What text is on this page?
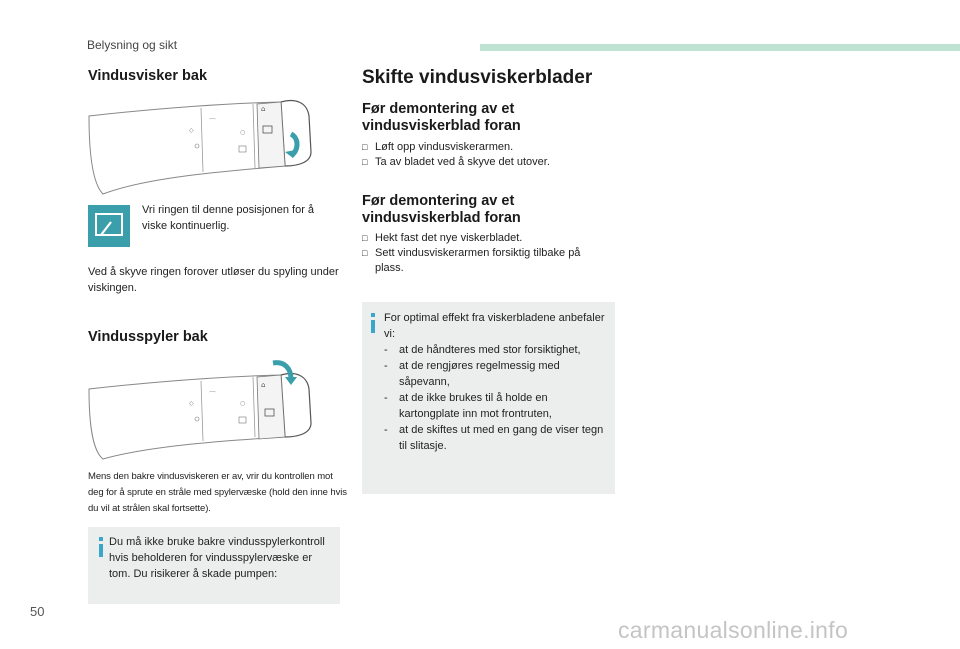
Belysning og sikt
Vindusvisker bak
⌂
⌒
◇	○
Vri ringen til denne posisjonen for å viske kontinuerlig.
Ved å skyve ringen forover utløser du spyling under viskingen.
Vindusspyler bak
⌂
⌒
◇	○
Mens den bakre vindusviskeren er av, vrir du kontrollen mot deg for å sprute en stråle med spylervæske (hold den inne hvis du vil at strålen skal fortsette).
Du må ikke bruke bakre vindusspylerkontroll hvis beholderen for vindusspylervæske er tom. Du risikerer å skade pumpen:
Skifte vindusviskerblader
Før demontering av et vindusviskerblad foran
□ Løft opp vindusviskerarmen.
□ Ta av bladet ved å skyve det utover.
Før demontering av et vindusviskerblad foran
□ Hekt fast det nye viskerbladet.
□ Sett vindusviskerarmen forsiktig tilbake på plass.
For optimal effekt fra viskerbladene anbefaler vi:
- at de håndteres med stor forsiktighet,
- at de rengjøres regelmessig med såpevann,
- at de ikke brukes til å holde en kartongplate inn mot frontruten,
- at de skiftes ut med en gang de viser tegn til slitasje.
50
carmanualsonline.info
